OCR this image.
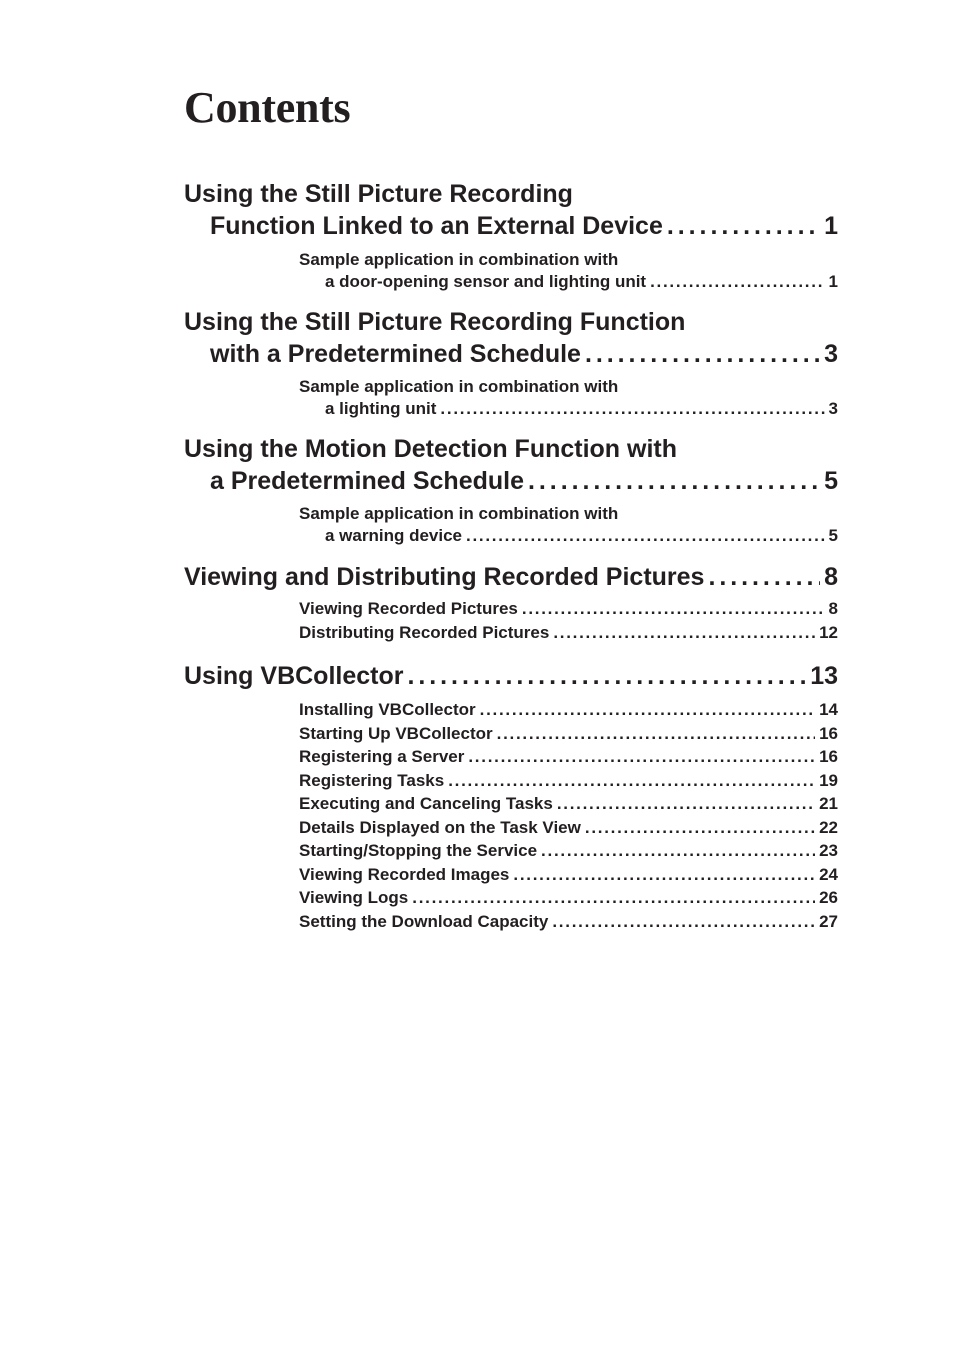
Contents
Using the Still Picture Recording
Function Linked to an External Device . . .	1
Sample application in combination with
a door-opening sensor and lighting unit . . .	1
Using the Still Picture Recording Function
with a Predetermined Schedule . . .	3
Sample application in combination with
a lighting unit . . .	3
Using the Motion Detection Function with
a Predetermined Schedule . . .	5
Sample application in combination with
a warning device . . .	5
Viewing and Distributing Recorded Pictures . . .	8
Viewing Recorded Pictures . . .	8
Distributing Recorded Pictures . . .	12
Using VBCollector . . .	13
Installing VBCollector . . .	14
Starting Up VBCollector . . .	16
Registering a Server . . .	16
Registering Tasks . . .	19
Executing and Canceling Tasks . . .	21
Details Displayed on the Task View . . .	22
Starting/Stopping the Service . . .	23
Viewing Recorded Images . . .	24
Viewing Logs . . .	26
Setting the Download Capacity . . .	27
